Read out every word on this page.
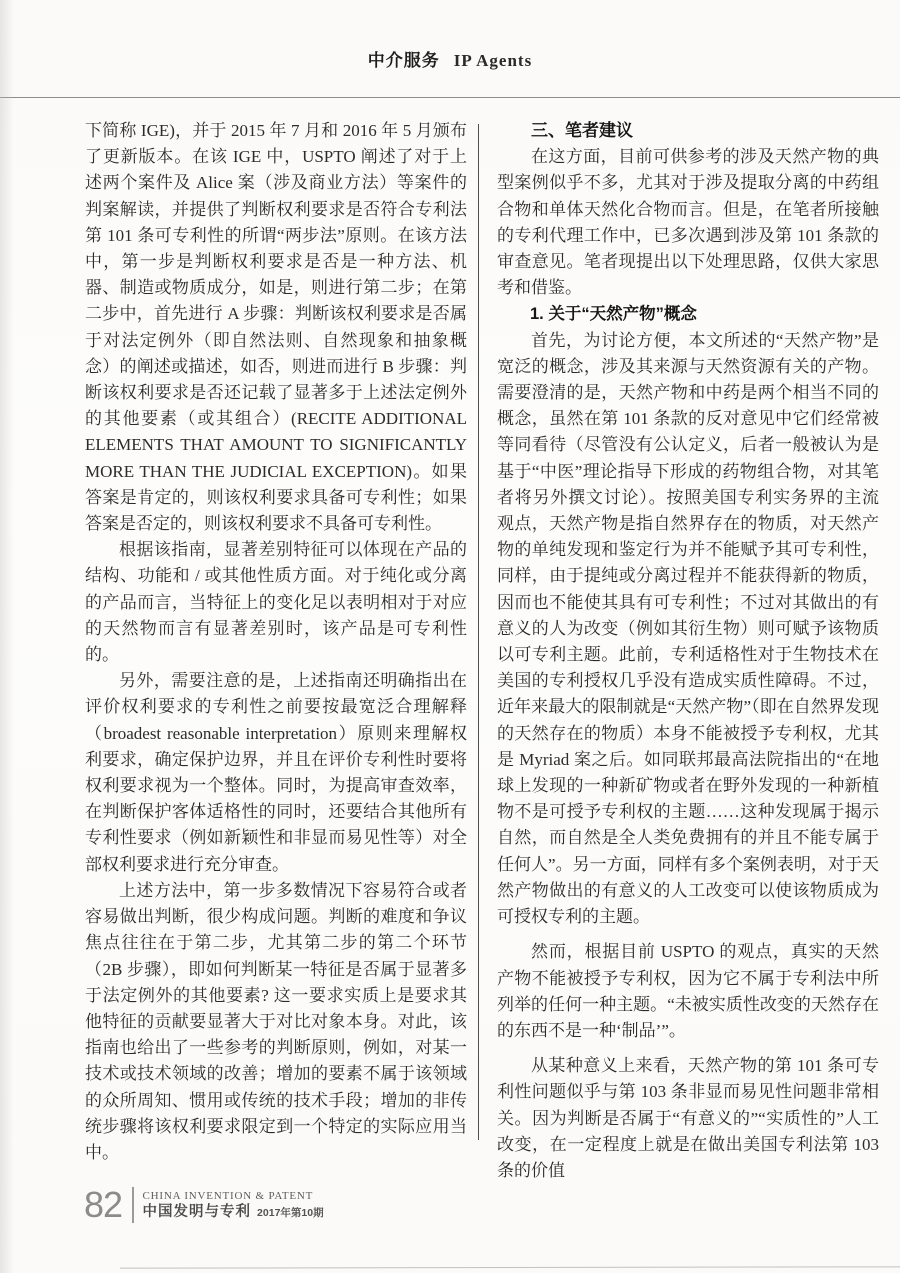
中介服务 IP Agents

下简称 IGE)，并于 2015 年 7 月和 2016 年 5 月颁布了更新版本。在该 IGE 中，USPTO 阐述了对于上述两个案件及 Alice 案（涉及商业方法）等案件的判案解读，并提供了判断权利要求是否符合专利法第 101 条可专利性的所谓“两步法”原则。在该方法中，第一步是判断权利要求是否是一种方法、机器、制造或物质成分，如是，则进行第二步；在第二步中，首先进行 A 步骤：判断该权利要求是否属于对法定例外（即自然法则、自然现象和抽象概念）的阐述或描述，如否，则进而进行 B 步骤：判断该权利要求是否还记载了显著多于上述法定例外的其他要素（或其组合）(RECITE ADDITIONAL ELEMENTS THAT AMOUNT TO SIGNIFICANTLY MORE THAN THE JUDICIAL EXCEPTION)。如果答案是肯定的，则该权利要求具备可专利性；如果答案是否定的，则该权利要求不具备可专利性。

根据该指南，显著差别特征可以体现在产品的结构、功能和 / 或其他性质方面。对于纯化或分离的产品而言，当特征上的变化足以表明相对于对应的天然物而言有显著差别时，该产品是可专利性的。

另外，需要注意的是，上述指南还明确指出在评价权利要求的专利性之前要按最宽泛合理解释（broadest reasonable interpretation）原则来理解权利要求，确定保护边界，并且在评价专利性时要将权利要求视为一个整体。同时，为提高审查效率，在判断保护客体适格性的同时，还要结合其他所有专利性要求（例如新颖性和非显而易见性等）对全部权利要求进行充分审查。

上述方法中，第一步多数情况下容易符合或者容易做出判断，很少构成问题。判断的难度和争议焦点往往在于第二步，尤其第二步的第二个环节（2B 步骤），即如何判断某一特征是否属于显著多于法定例外的其他要素? 这一要求实质上是要求其他特征的贡献要显著大于对比对象本身。对此，该指南也给出了一些参考的判断原则，例如，对某一技术或技术领域的改善；增加的要素不属于该领域的众所周知、惯用或传统的技术手段；增加的非传统步骤将该权利要求限定到一个特定的实际应用当中。

三、笔者建议

在这方面，目前可供参考的涉及天然产物的典型案例似乎不多，尤其对于涉及提取分离的中药组合物和单体天然化合物而言。但是，在笔者所接触的专利代理工作中，已多次遇到涉及第 101 条款的审查意见。笔者现提出以下处理思路，仅供大家思考和借鉴。

1. 关于“天然产物”概念

首先，为讨论方便，本文所述的“天然产物”是宽泛的概念，涉及其来源与天然资源有关的产物。需要澄清的是，天然产物和中药是两个相当不同的概念，虽然在第 101 条款的反对意见中它们经常被等同看待（尽管没有公认定义，后者一般被认为是基于“中医”理论指导下形成的药物组合物，对其笔者将另外撰文讨论）。按照美国专利实务界的主流观点，天然产物是指自然界存在的物质，对天然产物的单纯发现和鉴定行为并不能赋予其可专利性，同样，由于提纯或分离过程并不能获得新的物质，因而也不能使其具有可专利性；不过对其做出的有意义的人为改变（例如其衍生物）则可赋予该物质以可专利主题。此前，专利适格性对于生物技术在美国的专利授权几乎没有造成实质性障碍。不过，近年来最大的限制就是“天然产物”（即在自然界发现的天然存在的物质）本身不能被授予专利权，尤其是 Myriad 案之后。如同联邦最高法院指出的“在地球上发现的一种新矿物或者在野外发现的一种新植物不是可授予专利权的主题……这种发现属于揭示自然，而自然是全人类免费拥有的并且不能专属于任何人”。另一方面，同样有多个案例表明，对于天然产物做出的有意义的人工改变可以使该物质成为可授权专利的主题。

然而，根据目前 USPTO 的观点，真实的天然产物不能被授予专利权，因为它不属于专利法中所列举的任何一种主题。“未被实质性改变的天然存在的东西不是一种‘制品’”。

从某种意义上来看，天然产物的第 101 条可专利性问题似乎与第 103 条非显而易见性问题非常相关。因为判断是否属于“有意义的”“实质性的”人工改变，在一定程度上就是在做出美国专利法第 103 条的价值

82 CHINA INVENTION & PATENT
中国发明与专利 2017年第10期
